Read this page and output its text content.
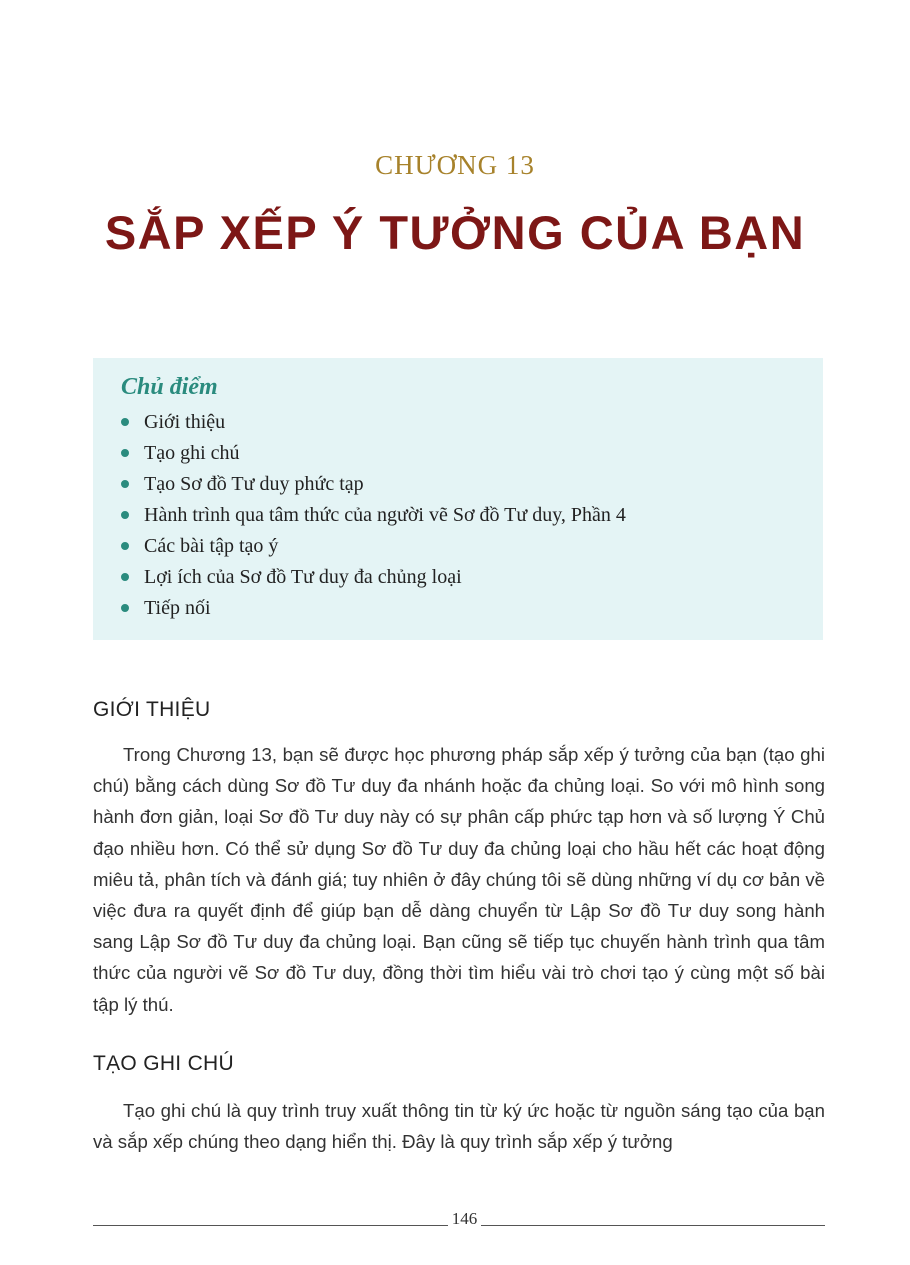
CHƯƠNG 13
SẮP XẾP Ý TƯỞNG CỦA BẠN
Chủ điểm
Giới thiệu
Tạo ghi chú
Tạo Sơ đồ Tư duy phức tạp
Hành trình qua tâm thức của người vẽ Sơ đồ Tư duy, Phần 4
Các bài tập tạo ý
Lợi ích của Sơ đồ Tư duy đa chủng loại
Tiếp nối
GIỚI THIỆU

Trong Chương 13, bạn sẽ được học phương pháp sắp xếp ý tưởng của bạn (tạo ghi chú) bằng cách dùng Sơ đồ Tư duy đa nhánh hoặc đa chủng loại. So với mô hình song hành đơn giản, loại Sơ đồ Tư duy này có sự phân cấp phức tạp hơn và số lượng Ý Chủ đạo nhiều hơn. Có thể sử dụng Sơ đồ Tư duy đa chủng loại cho hầu hết các hoạt động miêu tả, phân tích và đánh giá; tuy nhiên ở đây chúng tôi sẽ dùng những ví dụ cơ bản về việc đưa ra quyết định để giúp bạn dễ dàng chuyển từ Lập Sơ đồ Tư duy song hành sang Lập Sơ đồ Tư duy đa chủng loại. Bạn cũng sẽ tiếp tục chuyến hành trình qua tâm thức của người vẽ Sơ đồ Tư duy, đồng thời tìm hiểu vài trò chơi tạo ý cùng một số bài tập lý thú.

TẠO GHI CHÚ

Tạo ghi chú là quy trình truy xuất thông tin từ ký ức hoặc từ nguồn sáng tạo của bạn và sắp xếp chúng theo dạng hiển thị. Đây là quy trình sắp xếp ý tưởng

146
